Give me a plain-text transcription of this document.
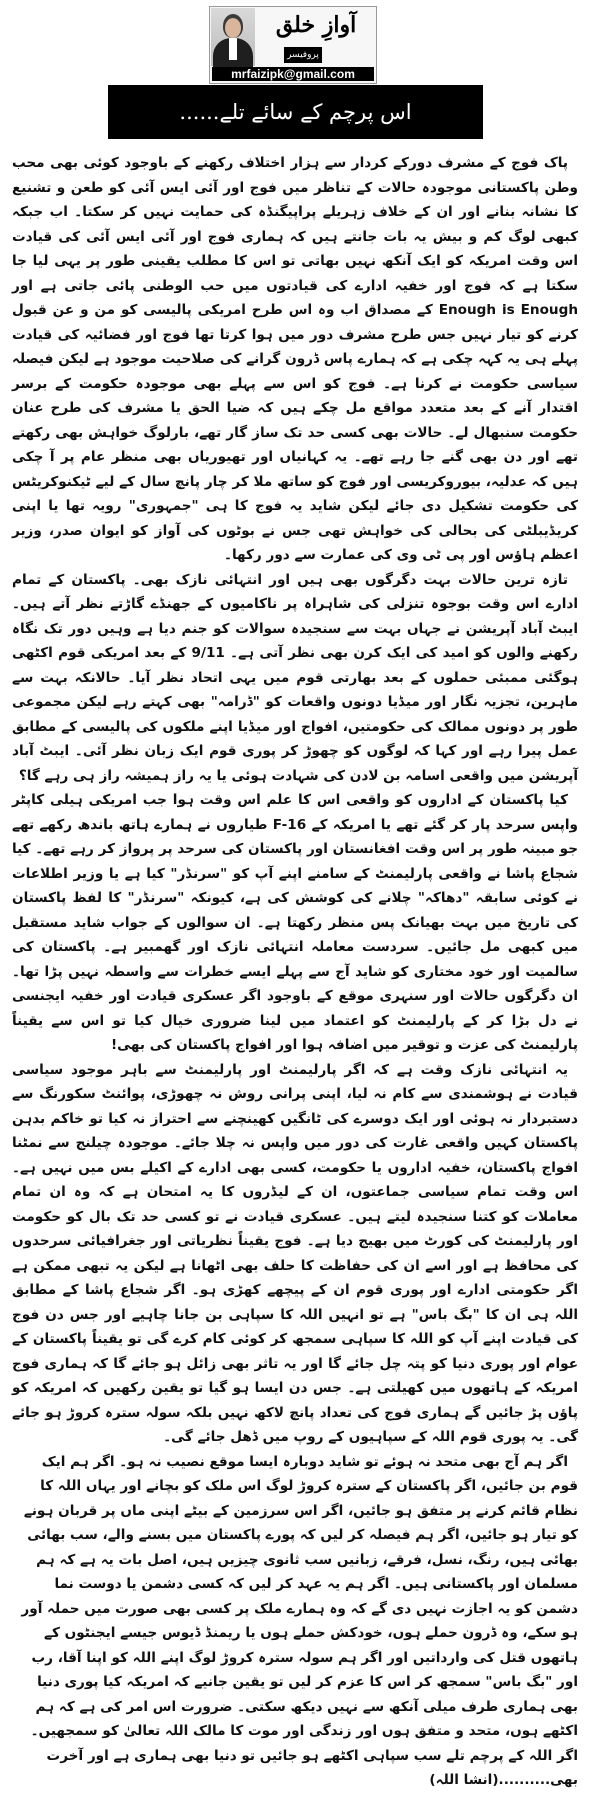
آوازِ خلق
پروفیسر
mrfaizipk@gmail.com
اس پرچم کے سائے تلے......

پاک فوج کے مشرف دورکے کردار سے ہزار اختلاف رکھنے کے باوجود کوئی بھی محب وطن پاکستانی موجودہ حالات کے تناظر میں فوج اور آئی ایس آئی کو طعن و تشنیع کا نشانہ بنانے اور ان کے خلاف زہریلے پراپیگنڈہ کی حمایت نہیں کر سکتا۔ اب جبکہ کبھی لوگ کم و بیش یہ بات جانتے ہیں کہ ہماری فوج اور آئی ایس آئی کی قیادت اس وقت امریکہ کو ایک آنکھ نہیں بھاتی تو اس کا مطلب یقینی طور پر یہی لیا جا سکتا ہے کہ فوج اور خفیہ ادارے کی قیادتوں میں حب الوطنی پائی جاتی ہے اور Enough is Enough کے مصداق اب وہ اس طرح امریکی پالیسی کو من و عن قبول کرنے کو تیار نہیں جس طرح مشرف دور میں ہوا کرتا تھا فوج اور فضائیہ کی قیادت پہلے ہی یہ کہہ چکی ہے کہ ہمارے پاس ڈرون گرانے کی صلاحیت موجود ہے لیکن فیصلہ سیاسی حکومت نے کرنا ہے۔ فوج کو اس سے پہلے بھی موجودہ حکومت کے برسر اقتدار آنے کے بعد متعدد مواقع مل چکے ہیں کہ ضیا الحق یا مشرف کی طرح عنان حکومت سنبھال لے۔ حالات بھی کسی حد تک ساز گار تھے، بارلوگ خواہش بھی رکھتے تھے اور دن بھی گنے جا رہے تھے۔ یہ کہانیاں اور تھیوریاں بھی منظر عام پر آ چکی ہیں کہ عدلیہ، بیوروکریسی اور فوج کو ساتھ ملا کر چار پانچ سال کے لیے ٹیکنوکریٹس کی حکومت تشکیل دی جائے لیکن شاید یہ فوج کا ہی "جمہوری" رویہ تھا یا اپنی کریڈیبلٹی کی بحالی کی خواہش تھی جس نے بوٹوں کی آواز کو ایوان صدر، وزیر اعظم ہاؤس اور پی ٹی وی کی عمارت سے دور رکھا۔

تازہ ترین حالات بہت دگرگوں بھی ہیں اور انتہائی نازک بھی۔ پاکستان کے تمام ادارے اس وقت بوجوہ تنزلی کی شاہراہ پر ناکامیوں کے جھنڈے گاڑتے نظر آتے ہیں۔ ایبٹ آباد آپریشن نے جہاں بہت سے سنجیدہ سوالات کو جنم دیا ہے وہیں دور تک نگاہ رکھنے والوں کو امید کی ایک کرن بھی نظر آتی ہے۔ 9/11 کے بعد امریکی قوم اکٹھی ہوگئی ممبئی حملوں کے بعد بھارتی قوم میں یہی اتحاد نظر آیا۔ حالانکہ بہت سے ماہرین، تجزیہ نگار اور میڈیا دونوں واقعات کو "ڈرامہ" بھی کہتے رہے لیکن مجموعی طور پر دونوں ممالک کی حکومتیں، افواج اور میڈیا اپنے ملکوں کی پالیسی کے مطابق عمل پیرا رہے اور کہا کہ لوگوں کو چھوڑ کر پوری قوم ایک زبان نظر آئی۔ ایبٹ آباد آپریشن میں واقعی اسامہ بن لادن کی شہادت ہوئی یا یہ راز ہمیشہ راز ہی رہے گا؟

کیا پاکستان کے اداروں کو واقعی اس کا علم اس وقت ہوا جب امریکی ہیلی کاپٹر واپس سرحد پار کر گئے تھے یا امریکہ کے F-16 طیاروں نے ہمارے ہاتھ باندھ رکھے تھے جو مبینہ طور پر اس وقت افغانستان اور پاکستان کی سرحد پر پرواز کر رہے تھے۔ کیا شجاع پاشا نے واقعی پارلیمنٹ کے سامنے اپنے آپ کو "سرنڈر" کیا ہے یا وزیر اطلاعات نے کوئی سابقہ "دھاکہ" چلانے کی کوشش کی ہے، کیونکہ "سرنڈر" کا لفظ پاکستان کی تاریخ میں بہت بھیانک پس منظر رکھتا ہے۔ ان سوالوں کے جواب شاید مستقبل میں کبھی مل جائیں۔ سردست معاملہ انتہائی نازک اور گھمبیر ہے۔ پاکستان کی سالمیت اور خود مختاری کو شاید آج سے پہلے ایسے خطرات سے واسطہ نہیں پڑا تھا۔ ان دگرگوں حالات اور سنہری موقع کے باوجود اگر عسکری قیادت اور خفیہ ایجنسی نے دل بڑا کر کے پارلیمنٹ کو اعتماد میں لینا ضروری خیال کیا تو اس سے یقیناً پارلیمنٹ کی عزت و توقیر میں اضافہ ہوا اور افواج پاکستان کی بھی!

یہ انتہائی نازک وقت ہے کہ اگر پارلیمنٹ اور پارلیمنٹ سے باہر موجود سیاسی قیادت نے ہوشمندی سے کام نہ لیا، اپنی پرانی روش نہ چھوڑی، پوائنٹ سکورنگ سے دستبردار نہ ہوئی اور ایک دوسرے کی ٹانگیں کھینچنے سے احتراز نہ کیا تو خاکم بدہن پاکستان کہیں واقعی غارت کی دور میں واپس نہ چلا جائے۔ موجودہ چیلنج سے نمٹنا افواج پاکستان، خفیہ اداروں یا حکومت، کسی بھی ادارے کے اکیلے بس میں نہیں ہے۔ اس وقت تمام سیاسی جماعتوں، ان کے لیڈروں کا یہ امتحان ہے کہ وہ ان تمام معاملات کو کتنا سنجیدہ لیتے ہیں۔ عسکری قیادت نے تو کسی حد تک بال کو حکومت اور پارلیمنٹ کی کورٹ میں بھیج دیا ہے۔ فوج یقیناً نظریاتی اور جغرافیائی سرحدوں کی محافظ ہے اور اسے ان کی حفاظت کا حلف بھی اٹھانا ہے لیکن یہ تبھی ممکن ہے اگر حکومتی ادارے اور پوری قوم ان کے پیچھے کھڑی ہو۔ اگر شجاع پاشا کے مطابق اللہ ہی ان کا "بگ باس" ہے تو انہیں اللہ کا سپاہی بن جانا چاہیے اور جس دن فوج کی قیادت اپنے آپ کو اللہ کا سپاہی سمجھ کر کوئی کام کرے گی تو یقیناً پاکستان کے عوام اور پوری دنیا کو پتہ چل جائے گا اور یہ تاثر بھی زائل ہو جائے گا کہ ہماری فوج امریکہ کے ہاتھوں میں کھیلتی ہے۔ جس دن ایسا ہو گیا تو یقین رکھیں کہ امریکہ کو پاؤں پڑ جائیں گے ہماری فوج کی تعداد پانچ لاکھ نہیں بلکہ سولہ سترہ کروڑ ہو جائے گی۔ یہ پوری قوم اللہ کے سپاہیوں کے روپ میں ڈھل جائے گی۔

اگر ہم آج بھی متحد نہ ہوئے تو شاید دوبارہ ایسا موقع نصیب نہ ہو۔ اگر ہم ایک قوم بن جائیں، اگر پاکستان کے سترہ کروڑ لوگ اس ملک کو بچانے اور یہاں اللہ کا نظام قائم کرنے پر متفق ہو جائیں، اگر اس سرزمین کے بیٹے اپنی ماں پر قربان ہونے کو تیار ہو جائیں، اگر ہم فیصلہ کر لیں کہ پورے پاکستان میں بسنے والے، سب بھائی بھائی ہیں، رنگ، نسل، فرقے، زبانیں سب ثانوی چیزیں ہیں، اصل بات یہ ہے کہ ہم مسلمان اور پاکستانی ہیں۔ اگر ہم یہ عہد کر لیں کہ کسی دشمن یا دوست نما دشمن کو یہ اجازت نہیں دی گے کہ وہ ہمارے ملک پر کسی بھی صورت میں حملہ آور ہو سکے، وہ ڈرون حملے ہوں، خودکش حملے ہوں یا ریمنڈ ڈیوس جیسے ایجنٹوں کے ہاتھوں قتل کی وارداتیں اور اگر ہم سولہ سترہ کروڑ لوگ اپنے اللہ کو اپنا آقا، رب اور "بگ باس" سمجھ کر اس کا عزم کر لیں تو یقین جانیے کہ امریکہ کیا پوری دنیا بھی ہماری طرف میلی آنکھ سے نہیں دیکھ سکتی۔ ضرورت اس امر کی ہے کہ ہم اکٹھے ہوں، متحد و متفق ہوں اور زندگی اور موت کا مالک اللہ تعالیٰ کو سمجھیں۔ اگر اللہ کے پرچم تلے سب سپاہی اکٹھے ہو جائیں تو دنیا بھی ہماری ہے اور آخرت بھی..........(انشا اللہ)
